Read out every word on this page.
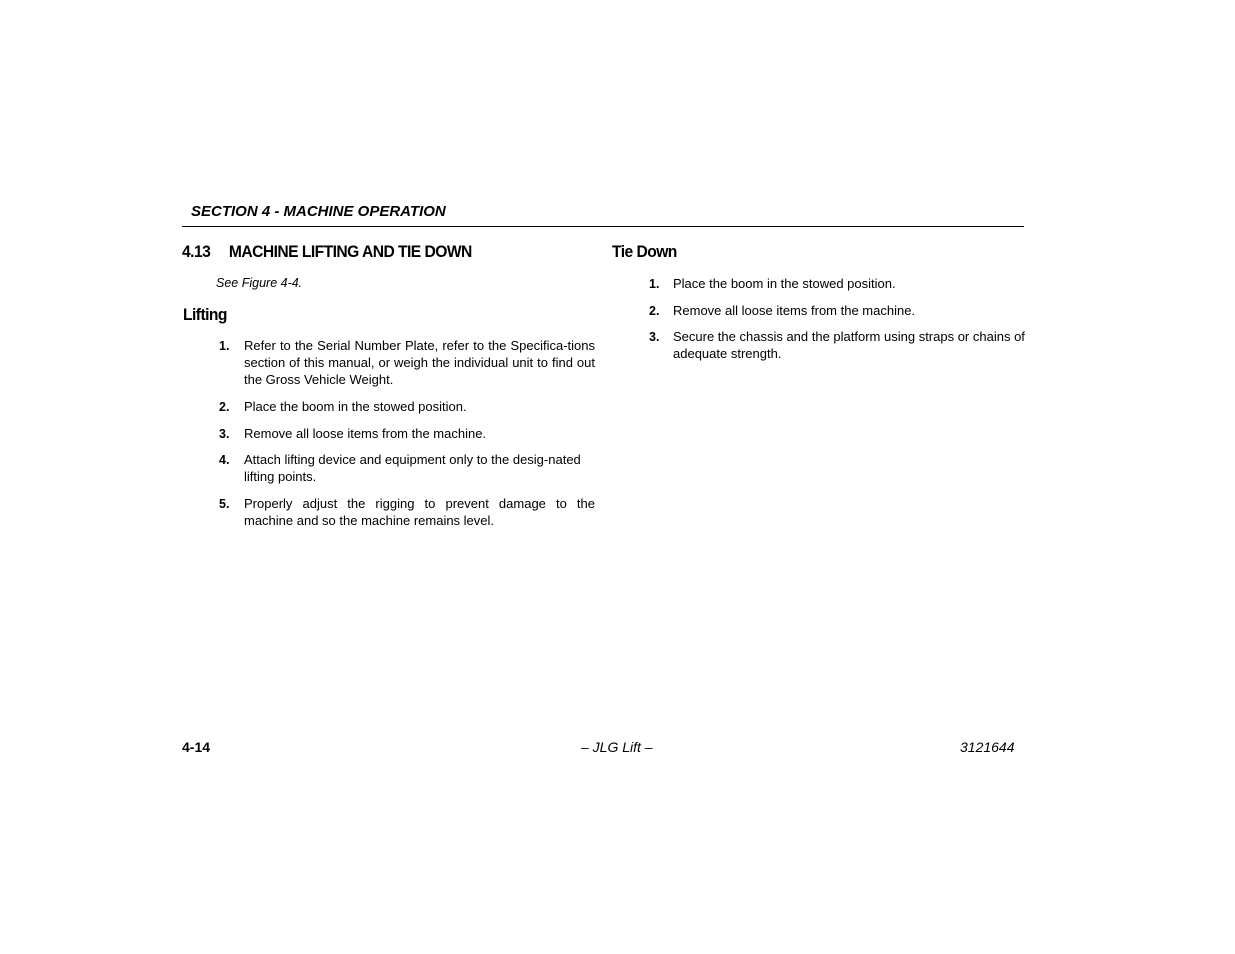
SECTION 4 - MACHINE OPERATION
4.13 MACHINE LIFTING AND TIE DOWN
See Figure 4-4.
Lifting
1. Refer to the Serial Number Plate, refer to the Specifica-tions section of this manual, or weigh the individual unit to find out the Gross Vehicle Weight.
2. Place the boom in the stowed position.
3. Remove all loose items from the machine.
4. Attach lifting device and equipment only to the desig-nated lifting points.
5. Properly adjust the rigging to prevent damage to the machine and so the machine remains level.
Tie Down
1. Place the boom in the stowed position.
2. Remove all loose items from the machine.
3. Secure the chassis and the platform using straps or chains of adequate strength.
4-14	– JLG Lift –	3121644
